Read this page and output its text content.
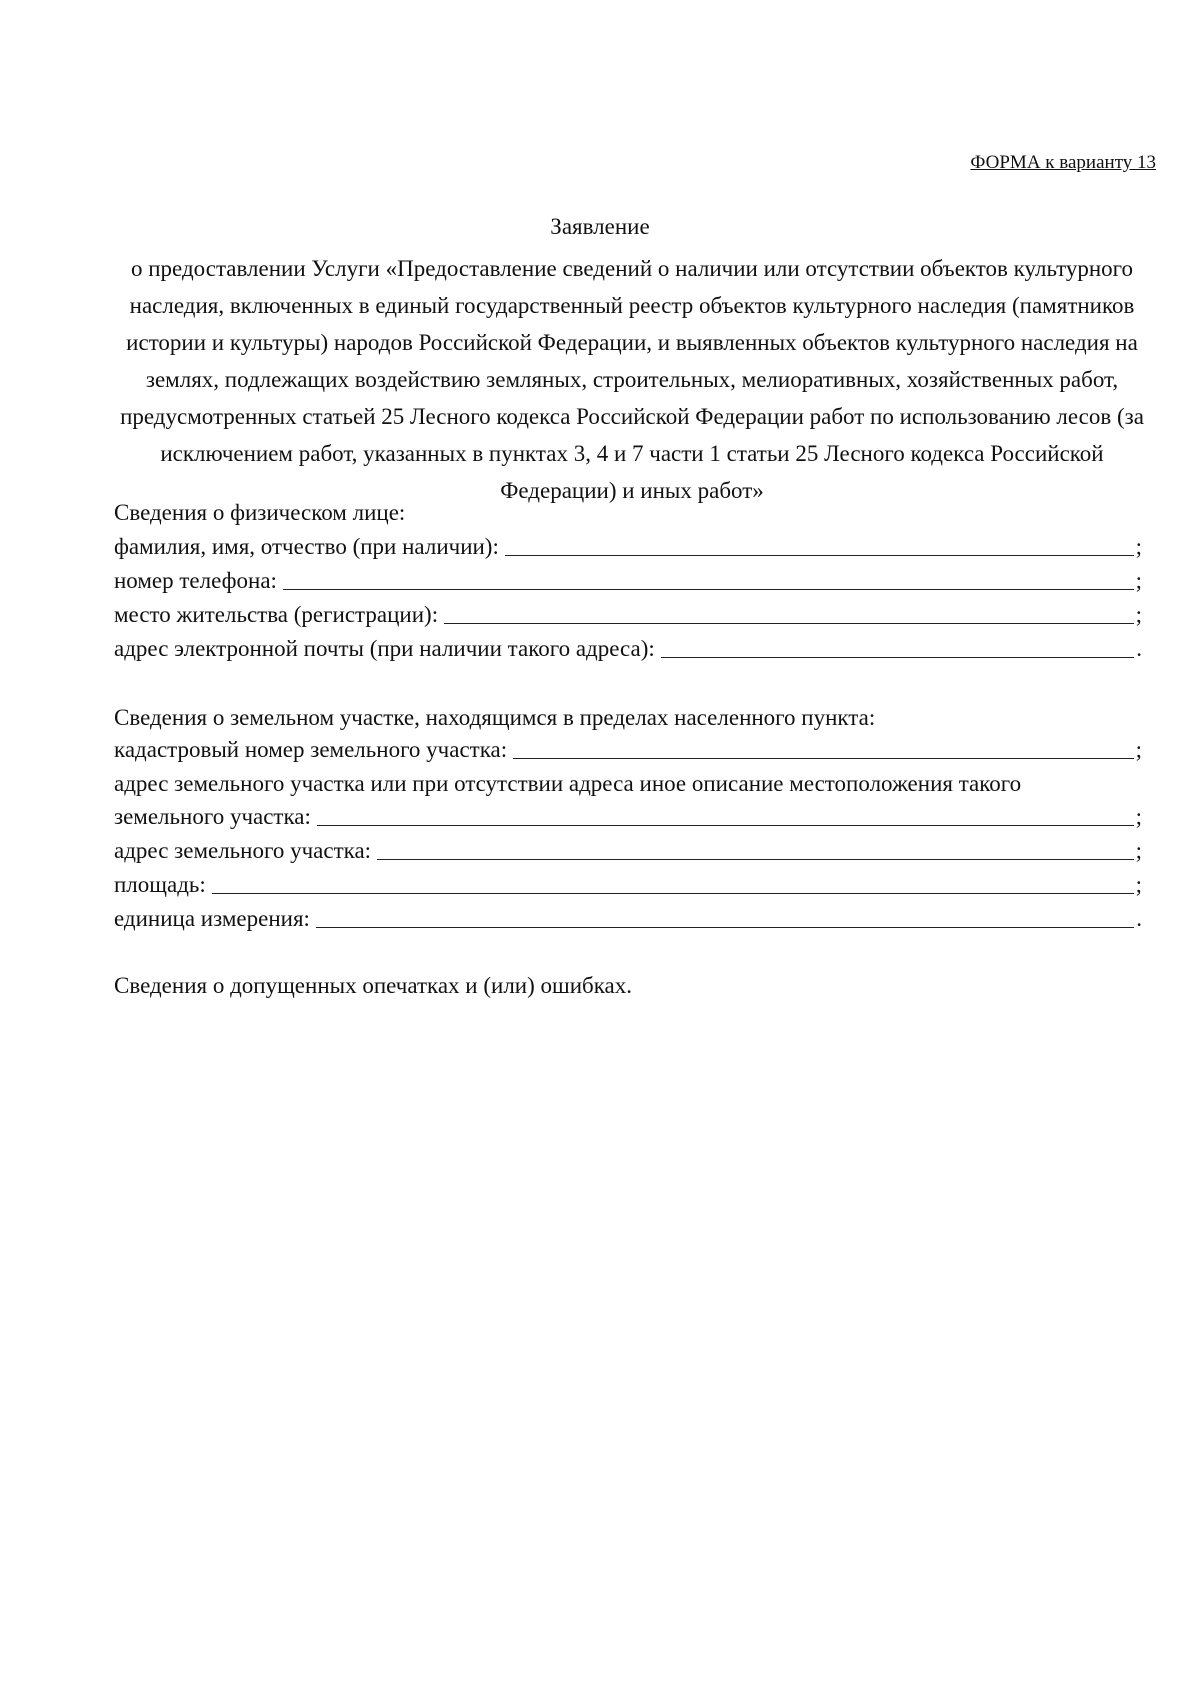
ФОРМА к варианту 13
Заявление
о предоставлении Услуги «Предоставление сведений о наличии или отсутствии объектов культурного наследия, включенных в единый государственный реестр объектов культурного наследия (памятников истории и культуры) народов Российской Федерации, и выявленных объектов культурного наследия на землях, подлежащих воздействию земляных, строительных, мелиоративных, хозяйственных работ, предусмотренных статьей 25 Лесного кодекса Российской Федерации работ по использованию лесов (за исключением работ, указанных в пунктах 3, 4 и 7 части 1 статьи 25 Лесного кодекса Российской Федерации) и иных работ»
Сведения о физическом лице:
фамилия, имя, отчество (при наличии):	;
номер телефона:	;
место жительства (регистрации):	;
адрес электронной почты (при наличии такого адреса):	.
Сведения о земельном участке, находящимся в пределах населенного пункта:
кадастровый номер земельного участка:	;
адрес земельного участка или при отсутствии адреса иное описание местоположения такого
земельного участка:	;
адрес земельного участка:	;
площадь:	;
единица измерения:	.
Сведения о допущенных опечатках и (или) ошибках.
